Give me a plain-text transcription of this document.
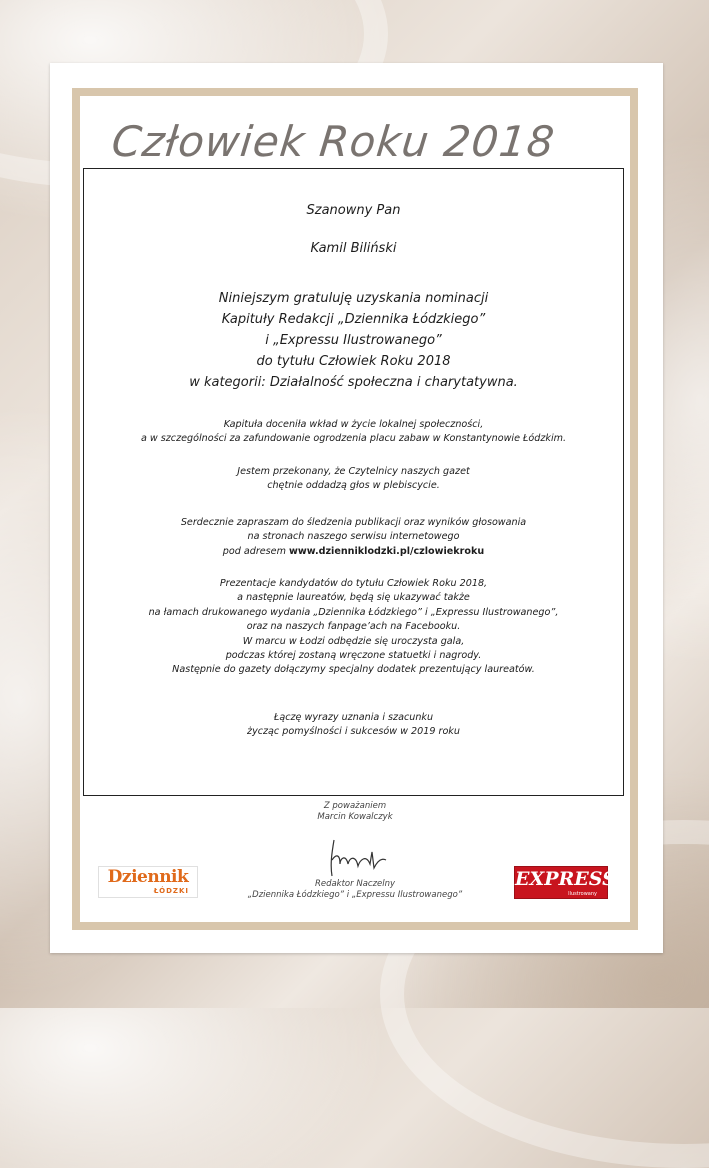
Człowiek Roku 2018
Szanowny Pan
Kamil Biliński
Niniejszym gratuluję uzyskania nominacji
Kapituły Redakcji „Dziennika Łódzkiego”
i „Expressu Ilustrowanego”
do tytułu Człowiek Roku 2018
w kategorii: Działalność społeczna i charytatywna.
Kapituła doceniła wkład w życie lokalnej społeczności,
a w szczególności za zafundowanie ogrodzenia placu zabaw w Konstantynowie Łódzkim.
Jestem przekonany, że Czytelnicy naszych gazet
chętnie oddadzą głos w plebiscycie.
Serdecznie zapraszam do śledzenia publikacji oraz wyników głosowania
na stronach naszego serwisu internetowego
pod adresem www.dzienniklodzki.pl/czlowiekroku
Prezentacje kandydatów do tytułu Człowiek Roku 2018,
a następnie laureatów, będą się ukazywać także
na łamach drukowanego wydania „Dziennika Łódzkiego” i „Expressu Ilustrowanego”,
oraz na naszych fanpage’ach na Facebooku.
W marcu w Łodzi odbędzie się uroczysta gala,
podczas której zostaną wręczone statuetki i nagrody.
Następnie do gazety dołączymy specjalny dodatek prezentujący laureatów.
Łączę wyrazy uznania i szacunku
życząc pomyślności i sukcesów w 2019 roku
Z poważaniem
Marcin Kowalczyk
Redaktor Naczelny
„Dziennika Łódzkiego” i „Expressu Ilustrowanego”
Dziennik
ŁÓDZKI
EXPRESS
Ilustrowany
